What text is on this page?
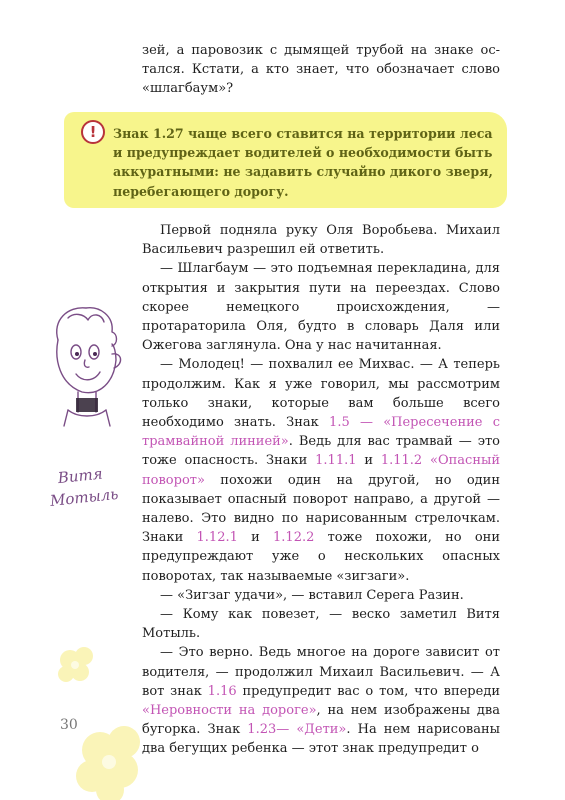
зей, а паровозик с дымящей трубой на знаке ос-

тался. Кстати, а кто знает, что обозначает слово

«шлагбаум»?

!	Знак 1.27 чаще всего ставится на территории леса и предупреждает водителей о необходимости быть аккуратными: не задавить случайно дикого зверя, перебегающего дорогу.

Первой подняла руку Оля Воробьева. Михаил Васильевич разрешил ей ответить.

— Шлагбаум — это подъемная перекладина, для открытия и закрытия пути на переездах. Слово скорее немецкого происхождения, — протараторила Оля, будто в словарь Даля или Ожегова заглянула. Она у нас начитанная.

— Молодец! — похвалил ее Михвас. — А теперь продолжим. Как я уже говорил, мы рассмотрим только знаки, которые вам больше всего необходимо знать. Знак 1.5 — «Пересечение с трамвайной линией». Ведь для вас трамвай — это тоже опасность. Знаки 1.11.1 и 1.11.2 «Опасный поворот» похожи один на другой, но один показывает опасный поворот направо, а другой — налево. Это видно по нарисованным стрелочкам. Знаки 1.12.1 и 1.12.2 тоже похожи, но они предупреждают уже о нескольких опасных поворотах, так называемые «зигзаги».

— «Зигзаг удачи», — вставил Серега Разин.

— Кому как повезет, — веско заметил Витя Мотыль.

— Это верно. Ведь многое на дороге зависит от водителя, — продолжил Михаил Васильевич. — А вот знак 1.16 предупредит вас о том, что впереди «Неровности на дороге», на нем изображены два бугорка. Знак 1.23— «Дети». На нем нарисованы два бегущих ребенка — этот знак предупредит о

Витя
Мотыль
30
